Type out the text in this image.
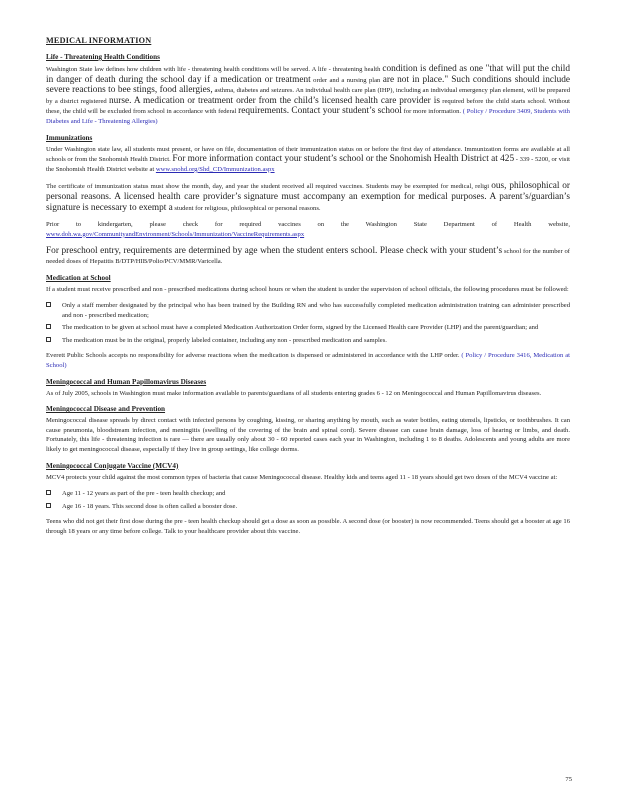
MEDICAL INFORMATION
Life - Threatening Health Conditions
Washington State law defines how children with life - threatening health conditions will be served. A life - threatening health condition is defined as one "that will put the child in danger of death during the school day if a medication or treatment order and a nursing plan are not in place." Such conditions should include severe reactions to bee stings, food allergies, asthma, diabetes and seizures. An individual health care plan (IHP), including an individual emergency plan element, will be prepared by a district registered nurse. A medication or treatment order from the child’s licensed health care provider is required before the child starts school. Without these, the child will be excluded from school in accordance with federal requirements. Contact your student’s school for more information. ( Policy / Procedure 3409, Students with Diabetes and Life - Threatening Allergies)
Immunizations
Under Washington state law, all students must present, or have on file, documentation of their immunization status on or before the first day of attendance. Immunization forms are available at all schools or from the Snohomish Health District. For more information contact your student’s school or the Snohomish Health District at 425 - 339 - 5200, or visit the Snohomish Health District website at www.snohd.org/Shd_CD/Immunization.aspx
The certificate of immunization status must show the month, day, and year the student received all required vaccines. Students may be exempted for medical, religi ous, philosophical or personal reasons. A licensed health care provider’s signature must accompany an exemption for medical purposes. A parent’s/guardian’s signature is necessary to exempt a student for religious, philosophical or personal reasons.
Prior to kindergarten, please check for required vaccines on the Washington State Department of Health website, www.doh.wa.gov/CommunityandEnvironment/Schools/Immunization/VaccineRequirements.aspx
For preschool entry, requirements are determined by age when the student enters school. Please check with your student’s school for the number of needed doses of Hepatitis B/DTP/HIB/Polio/PCV/MMR/Varicella.
Medication at School
If a student must receive prescribed and non - prescribed medications during school hours or when the student is under the supervision of school officials, the following procedures must be followed:
Only a staff member designated by the principal who has been trained by the Building RN and who has successfully completed medication administration training can administer prescribed and non - prescribed medication;
The medication to be given at school must have a completed Medication Authorization Order form, signed by the Licensed Health care Provider (LHP) and the parent/guardian; and
The medication must be in the original, properly labeled container, including any non - prescribed medication and samples.
Everett Public Schools accepts no responsibility for adverse reactions when the medication is dispensed or administered in accordance with the LHP order. ( Policy / Procedure 3416, Medication at School)
Meningococcal and Human Papillomavirus Diseases
As of July 2005, schools in Washington must make information available to parents/guardians of all students entering grades 6 - 12 on Meningococcal and Human Papillomavirus diseases.
Meningococcal Disease and Prevention
Meningococcal disease spreads by direct contact with infected persons by coughing, kissing, or sharing anything by mouth, such as water bottles, eating utensils, lipsticks, or toothbrushes. It can cause pneumonia, bloodstream infection, and meningitis (swelling of the covering of the brain and spinal cord). Severe disease can cause brain damage, loss of hearing or limbs, and death. Fortunately, this life - threatening infection is rare — there are usually only about 30 - 60 reported cases each year in Washington, including 1 to 8 deaths. Adolescents and young adults are more likely to get meningococcal disease, especially if they live in group settings, like college dorms.
Meningococcal Conjugate Vaccine (MCV4)
MCV4 protects your child against the most common types of bacteria that cause Meningococcal disease. Healthy kids and teens aged 11 - 18 years should get two doses of the MCV4 vaccine at:
Age 11 - 12 years as part of the pre - teen health checkup; and
Age 16 - 18 years. This second dose is often called a booster dose.
Teens who did not get their first dose during the pre - teen health checkup should get a dose as soon as possible. A second dose (or booster) is now recommended. Teens should get a booster at age 16 through 18 years or any time before college. Talk to your healthcare provider about this vaccine.
75
